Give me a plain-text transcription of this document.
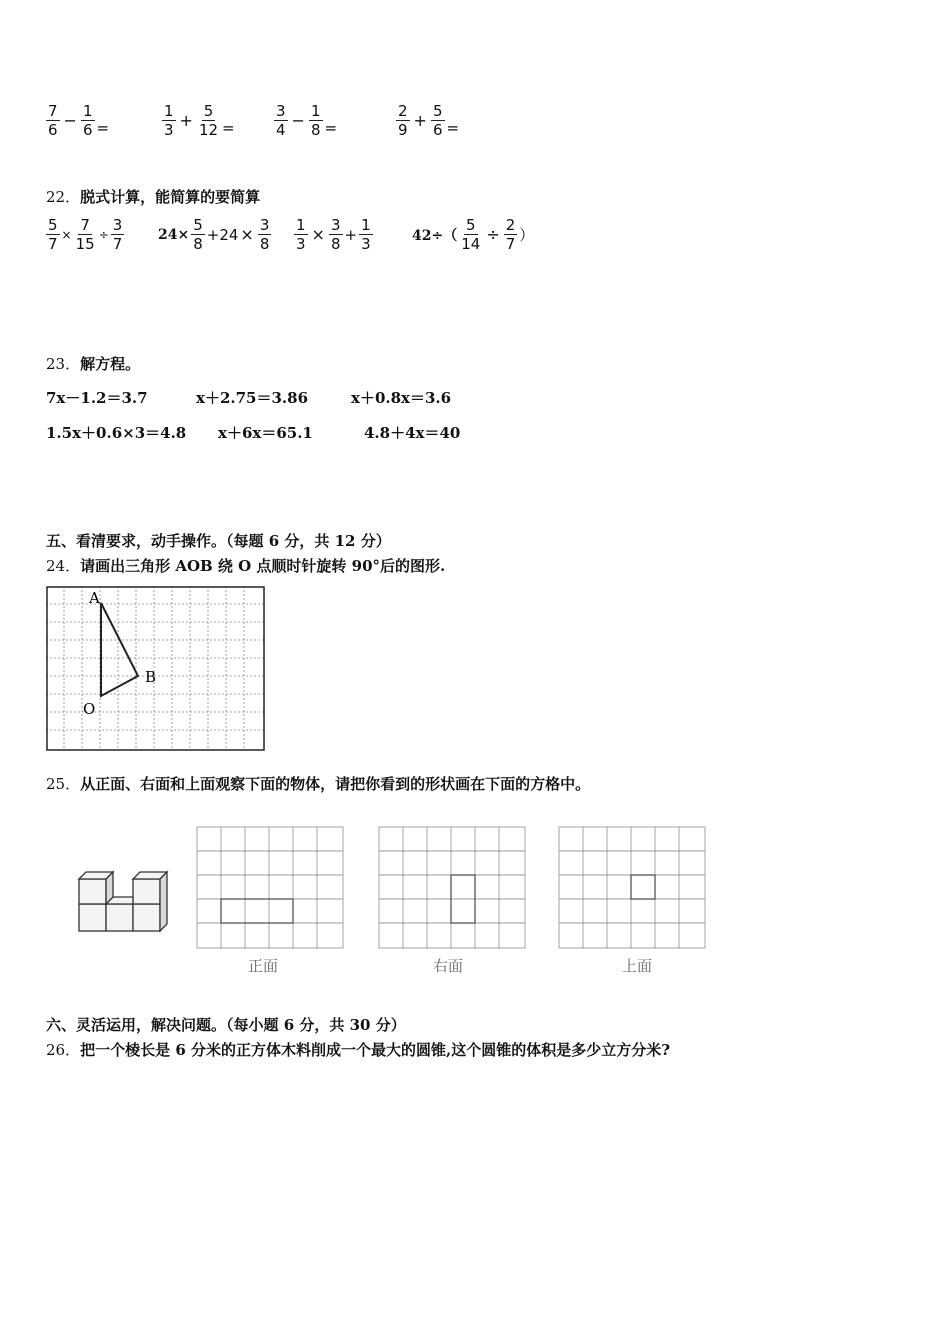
$\frac{7}{6} - \frac{1}{6}$ =	$\frac{1}{3} + \frac{5}{12}$ =	$\frac{3}{4} - \frac{1}{8}$ =	$\frac{2}{9} + \frac{5}{6}$ =
22．脱式计算，能简算的要简算
$\frac{5}{7} \times \frac{7}{15} \div \frac{3}{7} 24\times \frac{5}{8} +24 \times \frac{3}{8} \frac{1}{3} \times \frac{3}{8} + \frac{1}{3}$	$42\div( \frac{5}{14} \div \frac{2}{7}$ ）
23．解方程。
7x－1.2＝3.7	x＋2.75＝3.86	x＋0.8x＝3.6
1.5x＋0.6×3＝4.8 x＋6x＝65.1	4.8＋4x＝40
五、看清要求，动手操作。（每题 6 分，共 12 分）
24．请画出三角形 AOB 绕 O 点顺时针旋转 90°后的图形.
A
B
O
25．从正面、右面和上面观察下面的物体，请把你看到的形状画在下面的方格中。
正面	右面	上面
六、灵活运用，解决问题。（每小题 6 分，共 30 分）
26．把一个棱长是 6 分米的正方体木料削成一个最大的圆锥,这个圆锥的体积是多少立方分米?
